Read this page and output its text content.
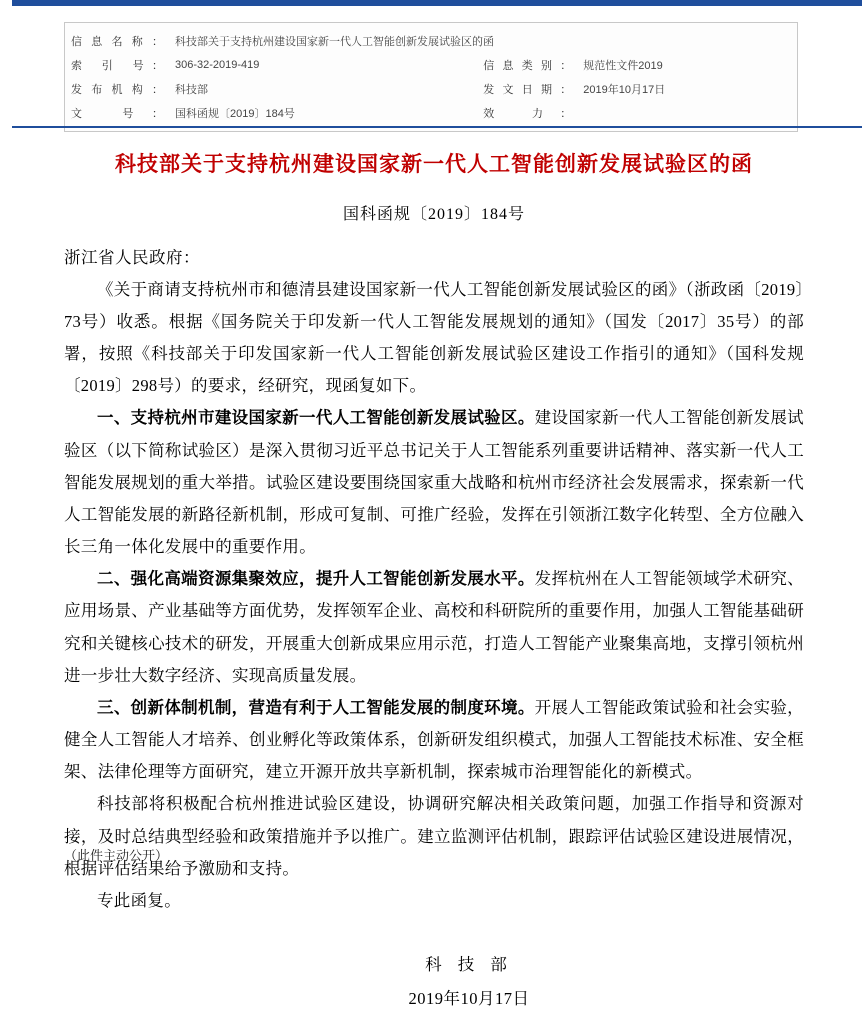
信息名称：	科技部关于支持杭州建设国家新一代人工智能创新发展试验区的函		
索 引 号：	306-32-2019-419	信息类别：	规范性文件2019
发布机构：	科技部	发文日期：	2019年10月17日
文 号：	国科函规〔2019〕184号	效 力：	
科技部关于支持杭州建设国家新一代人工智能创新发展试验区的函
国科函规〔2019〕184号
浙江省人民政府：

《关于商请支持杭州市和德清县建设国家新一代人工智能创新发展试验区的函》（浙政函〔2019〕73号）收悉。根据《国务院关于印发新一代人工智能发展规划的通知》（国发〔2017〕35号）的部署，按照《科技部关于印发国家新一代人工智能创新发展试验区建设工作指引的通知》（国科发规〔2019〕298号）的要求，经研究，现函复如下。

一、支持杭州市建设国家新一代人工智能创新发展试验区。建设国家新一代人工智能创新发展试验区（以下简称试验区）是深入贯彻习近平总书记关于人工智能系列重要讲话精神、落实新一代人工智能发展规划的重大举措。试验区建设要围绕国家重大战略和杭州市经济社会发展需求，探索新一代人工智能发展的新路径新机制，形成可复制、可推广经验，发挥在引领浙江数字化转型、全方位融入长三角一体化发展中的重要作用。

二、强化高端资源集聚效应，提升人工智能创新发展水平。发挥杭州在人工智能领域学术研究、应用场景、产业基础等方面优势，发挥领军企业、高校和科研院所的重要作用，加强人工智能基础研究和关键核心技术的研发，开展重大创新成果应用示范，打造人工智能产业聚集高地，支撑引领杭州进一步壮大数字经济、实现高质量发展。

三、创新体制机制，营造有利于人工智能发展的制度环境。开展人工智能政策试验和社会实验，健全人工智能人才培养、创业孵化等政策体系，创新研发组织模式，加强人工智能技术标准、安全框架、法律伦理等方面研究，建立开源开放共享新机制，探索城市治理智能化的新模式。

科技部将积极配合杭州推进试验区建设，协调研究解决相关政策问题，加强工作指导和资源对接，及时总结典型经验和政策措施并予以推广。建立监测评估机制，跟踪评估试验区建设进展情况，根据评估结果给予激励和支持。

专此函复。

科 技 部
2019年10月17日
（此件主动公开）
